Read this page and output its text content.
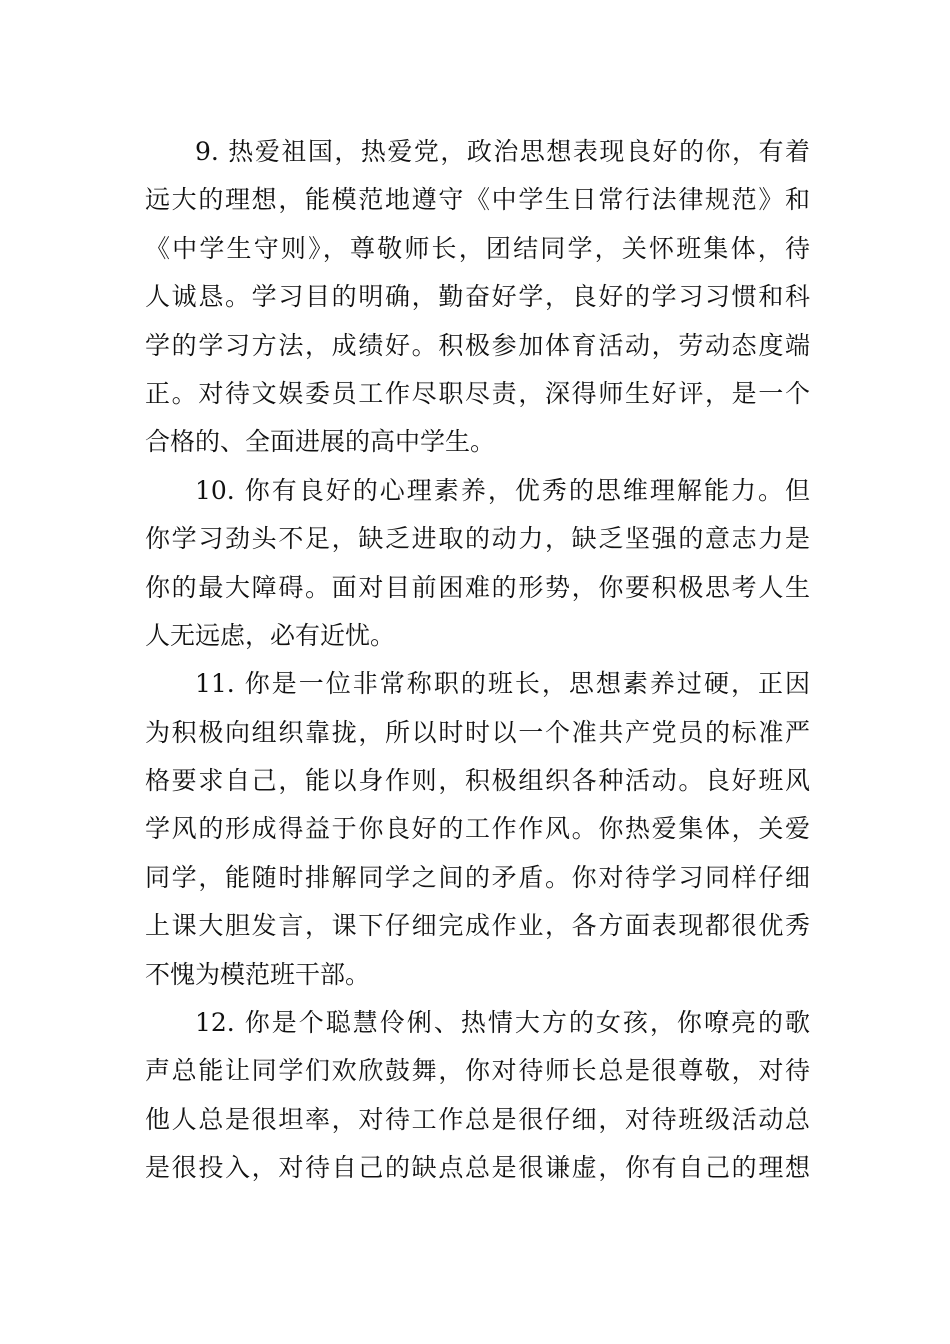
9. 热爱祖国，热爱党，政治思想表现良好的你，有着
远大的理想，能模范地遵守《中学生日常行法律规范》和
《中学生守则》，尊敬师长，团结同学，关怀班集体，待
人诚恳。学习目的明确，勤奋好学，良好的学习习惯和科
学的学习方法，成绩好。积极参加体育活动，劳动态度端
正。对待文娱委员工作尽职尽责，深得师生好评，是一个
合格的、全面进展的高中学生。
10. 你有良好的心理素养，优秀的思维理解能力。但
你学习劲头不足，缺乏进取的动力，缺乏坚强的意志力是
你的最大障碍。面对目前困难的形势，你要积极思考人生
人无远虑，必有近忧。
11. 你是一位非常称职的班长，思想素养过硬，正因
为积极向组织靠拢，所以时时以一个准共产党员的标准严
格要求自己，能以身作则，积极组织各种活动。良好班风
学风的形成得益于你良好的工作作风。你热爱集体，关爱
同学，能随时排解同学之间的矛盾。你对待学习同样仔细
上课大胆发言，课下仔细完成作业，各方面表现都很优秀
不愧为模范班干部。
12. 你是个聪慧伶俐、热情大方的女孩，你嘹亮的歌
声总能让同学们欢欣鼓舞，你对待师长总是很尊敬，对待
他人总是很坦率，对待工作总是很仔细，对待班级活动总
是很投入，对待自己的缺点总是很谦虚，你有自己的理想
